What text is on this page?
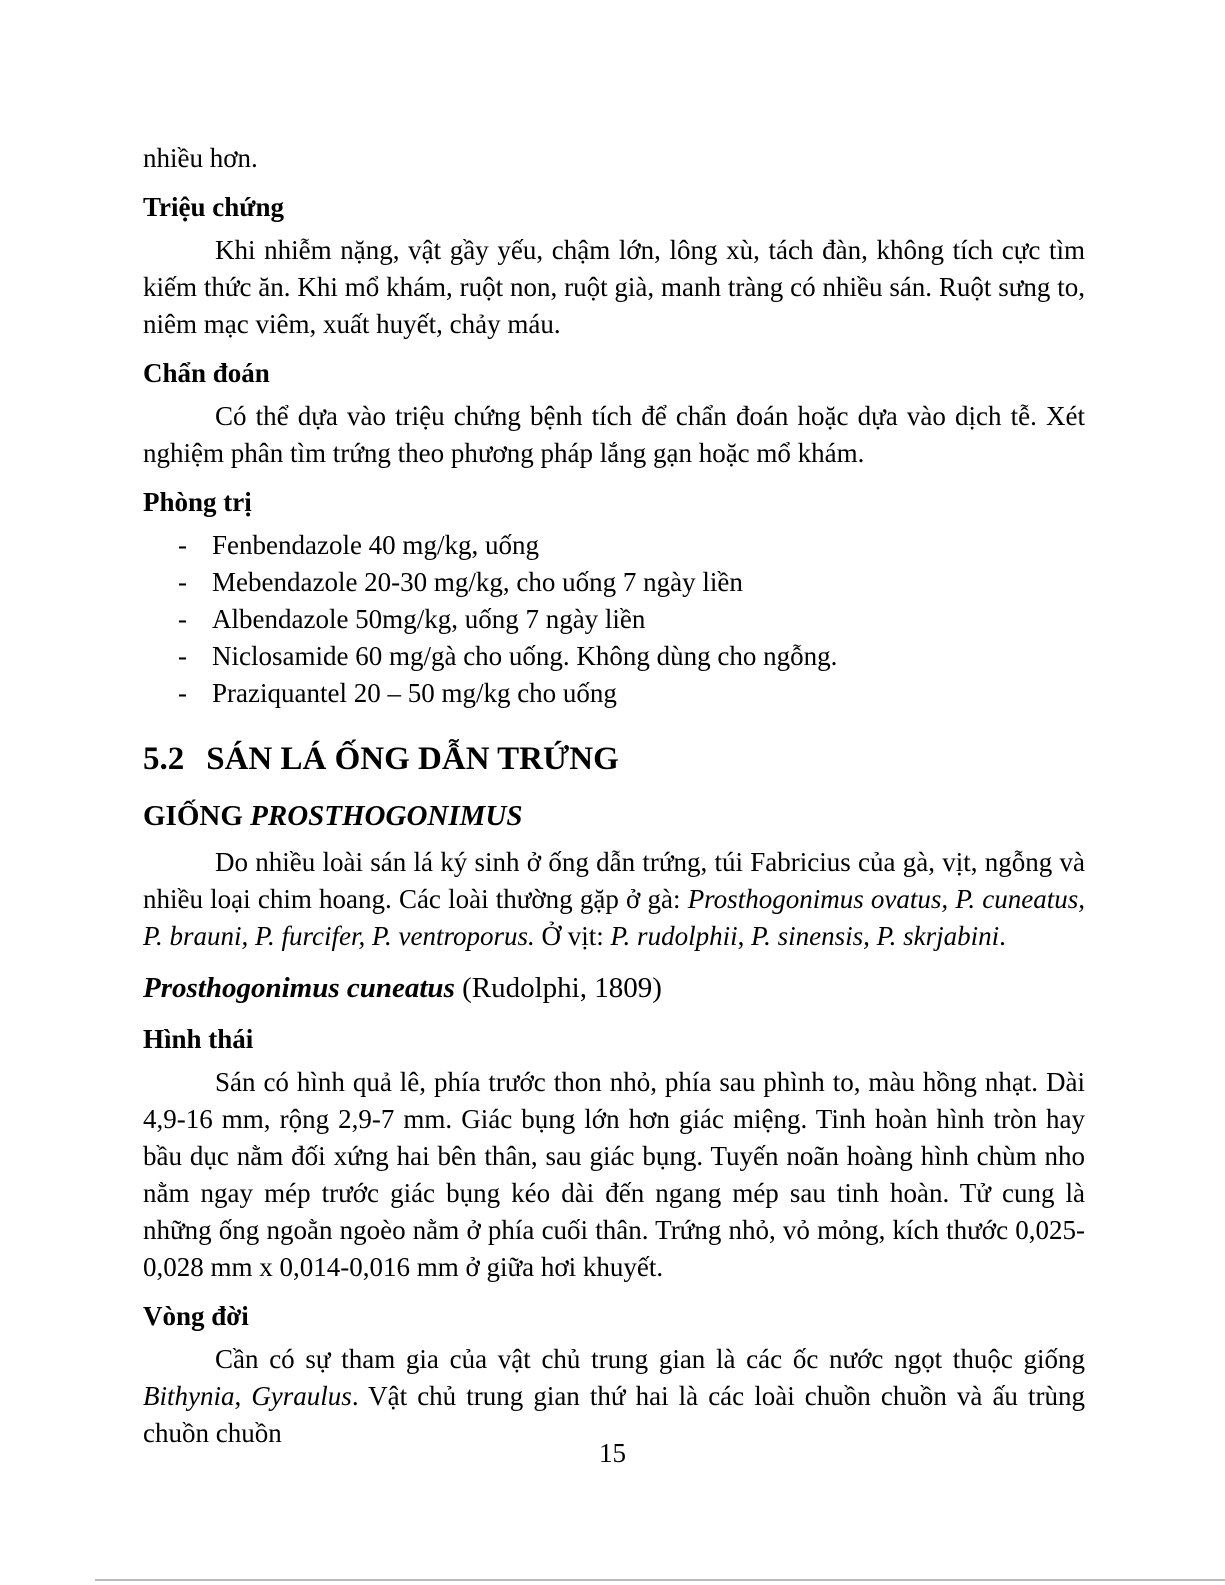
nhiều hơn.

Triệu chứng

Khi nhiễm nặng, vật gầy yếu, chậm lớn, lông xù, tách đàn, không tích cực tìm kiếm thức ăn. Khi mổ khám, ruột non, ruột già, manh tràng có nhiều sán. Ruột sưng to, niêm mạc viêm, xuất huyết, chảy máu.

Chẩn đoán

Có thể dựa vào triệu chứng bệnh tích để chẩn đoán hoặc dựa vào dịch tễ. Xét nghiệm phân tìm trứng theo phương pháp lắng gạn hoặc mổ khám.

Phòng trị
- Fenbendazole 40 mg/kg, uống
- Mebendazole 20-30 mg/kg, cho uống 7 ngày liền
- Albendazole 50mg/kg, uống 7 ngày liền
- Niclosamide 60 mg/gà cho uống. Không dùng cho ngỗng.
- Praziquantel 20 – 50 mg/kg cho uống
5.2 SÁN LÁ ỐNG DẪN TRỨNG
GIỐNG PROSTHOGONIMUS

Do nhiều loài sán lá ký sinh ở ống dẫn trứng, túi Fabricius của gà, vịt, ngỗng và nhiều loại chim hoang. Các loài thường gặp ở gà: Prosthogonimus ovatus, P. cuneatus, P. brauni, P. furcifer, P. ventroporus. Ở vịt: P. rudolphii, P. sinensis, P. skrjabini.

Prosthogonimus cuneatus (Rudolphi, 1809)
Hình thái

Sán có hình quả lê, phía trước thon nhỏ, phía sau phình to, màu hồng nhạt. Dài 4,9-16 mm, rộng 2,9-7 mm. Giác bụng lớn hơn giác miệng. Tinh hoàn hình tròn hay bầu dục nằm đối xứng hai bên thân, sau giác bụng. Tuyến noãn hoàng hình chùm nho nằm ngay mép trước giác bụng kéo dài đến ngang mép sau tinh hoàn. Tử cung là những ống ngoằn ngoèo nằm ở phía cuối thân. Trứng nhỏ, vỏ mỏng, kích thước 0,025-0,028 mm x 0,014-0,016 mm ở giữa hơi khuyết.

Vòng đời

Cần có sự tham gia của vật chủ trung gian là các ốc nước ngọt thuộc giống Bithynia, Gyraulus. Vật chủ trung gian thứ hai là các loài chuồn chuồn và ấu trùng chuồn chuồn

15
